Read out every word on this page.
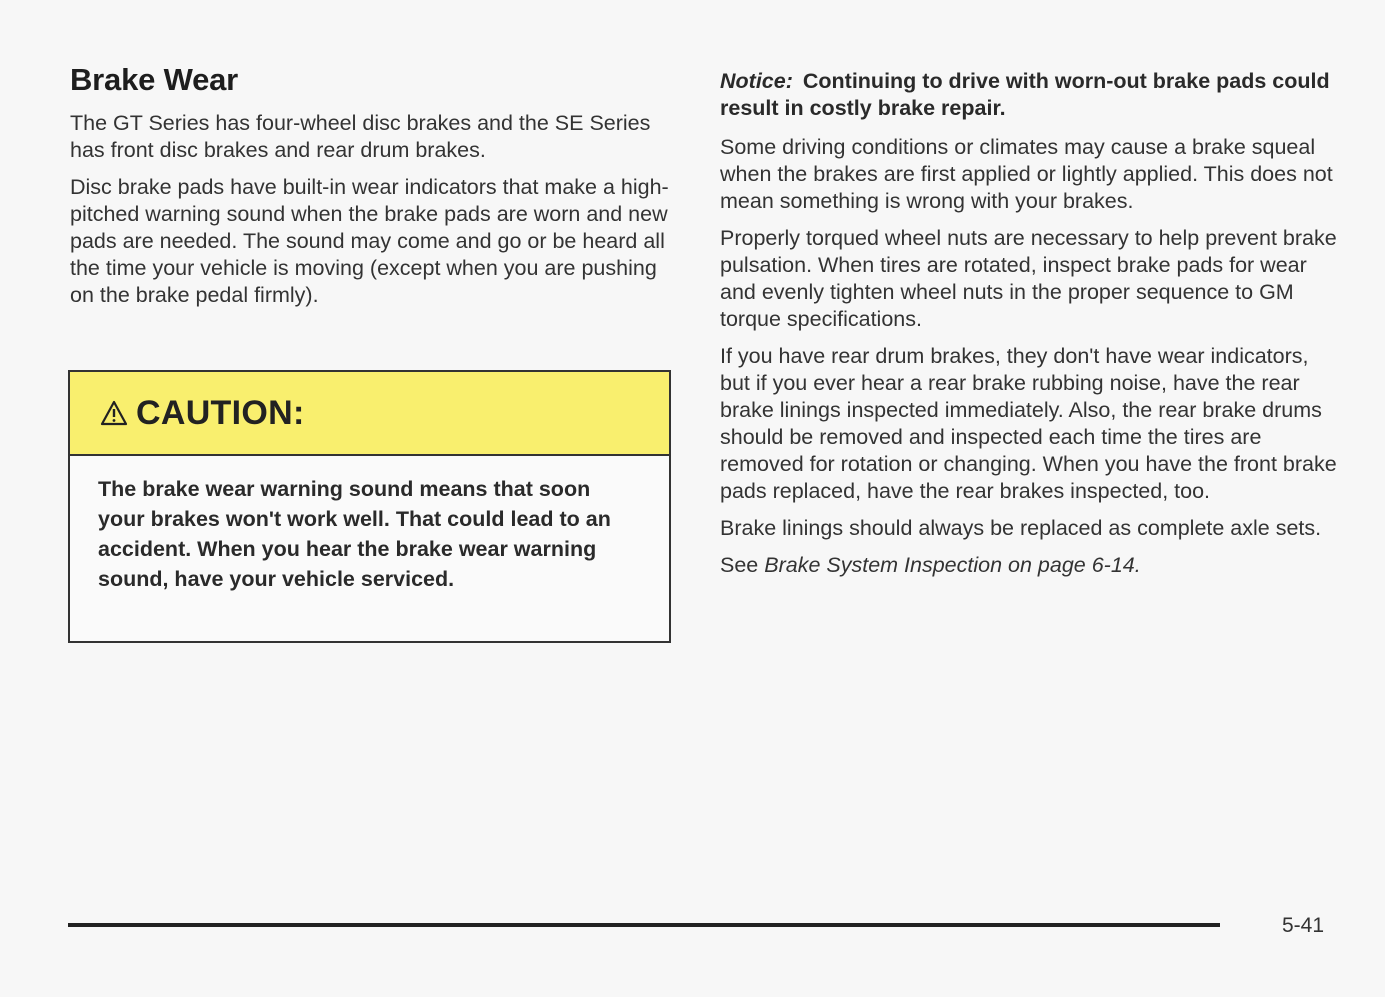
Brake Wear

The GT Series has four-wheel disc brakes and the SE Series has front disc brakes and rear drum brakes.

Disc brake pads have built-in wear indicators that make a high-pitched warning sound when the brake pads are worn and new pads are needed. The sound may come and go or be heard all the time your vehicle is moving (except when you are pushing on the brake pedal firmly).

CAUTION:
The brake wear warning sound means that soon your brakes won't work well. That could lead to an accident. When you hear the brake wear warning sound, have your vehicle serviced.
Notice: Continuing to drive with worn-out brake pads could result in costly brake repair.

Some driving conditions or climates may cause a brake squeal when the brakes are first applied or lightly applied. This does not mean something is wrong with your brakes.

Properly torqued wheel nuts are necessary to help prevent brake pulsation. When tires are rotated, inspect brake pads for wear and evenly tighten wheel nuts in the proper sequence to GM torque specifications.

If you have rear drum brakes, they don't have wear indicators, but if you ever hear a rear brake rubbing noise, have the rear brake linings inspected immediately. Also, the rear brake drums should be removed and inspected each time the tires are removed for rotation or changing. When you have the front brake pads replaced, have the rear brakes inspected, too.

Brake linings should always be replaced as complete axle sets.

See Brake System Inspection on page 6-14.

5-41
